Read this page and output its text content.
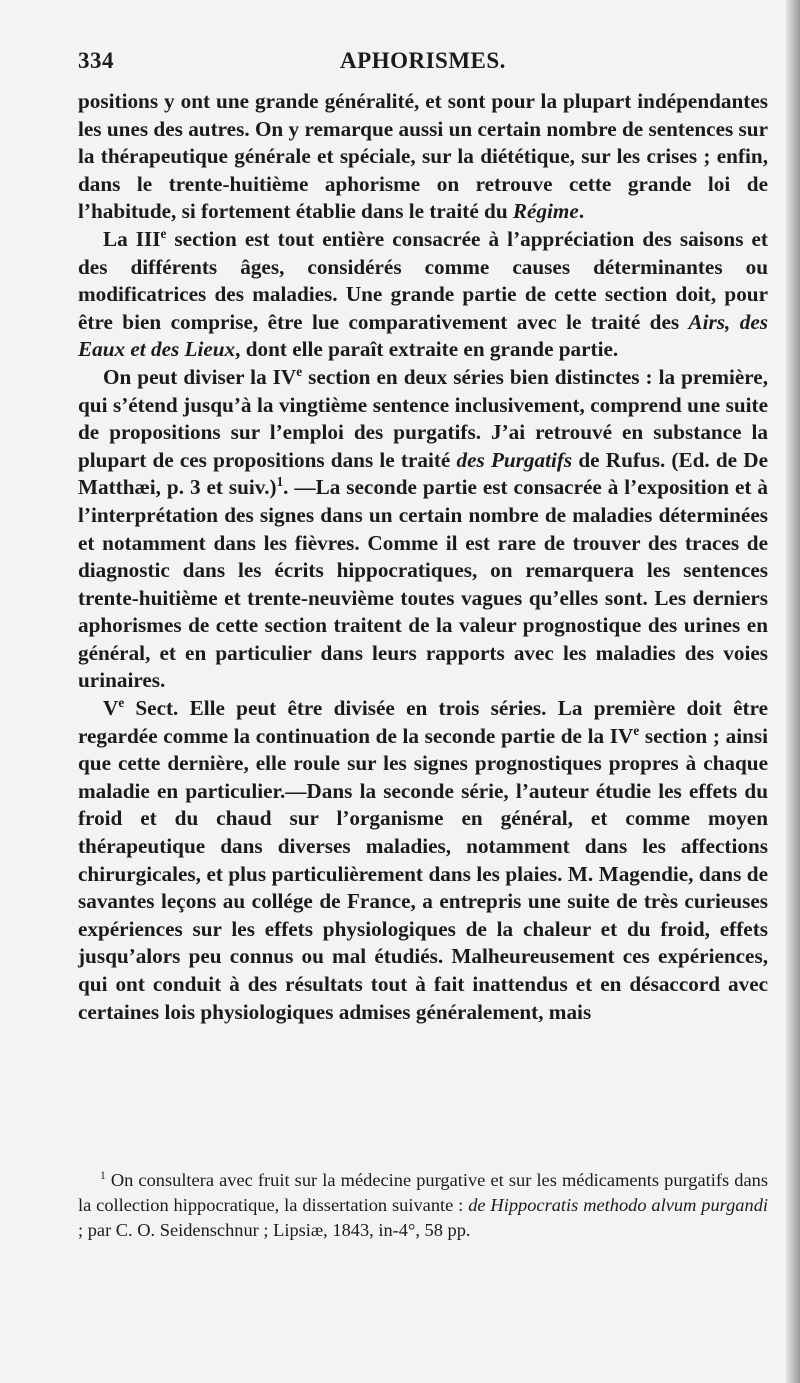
334	APHORISMES.

positions y ont une grande généralité, et sont pour la plupart indépendantes les unes des autres. On y remarque aussi un certain nombre de sentences sur la thérapeutique générale et spéciale, sur la diététique, sur les crises ; enfin, dans le trente-huitième aphorisme on retrouve cette grande loi de l’habitude, si fortement établie dans le traité du Régime.

La IIIe section est tout entière consacrée à l’appréciation des saisons et des différents âges, considérés comme causes déterminantes ou modificatrices des maladies. Une grande partie de cette section doit, pour être bien comprise, être lue comparativement avec le traité des Airs, des Eaux et des Lieux, dont elle paraît extraite en grande partie.

On peut diviser la IVe section en deux séries bien distinctes : la première, qui s’étend jusqu’à la vingtième sentence inclusivement, comprend une suite de propositions sur l’emploi des purgatifs. J’ai retrouvé en substance la plupart de ces propositions dans le traité des Purgatifs de Rufus. (Ed. de De Matthæi, p. 3 et suiv.)$^1$. —La seconde partie est consacrée à l’exposition et à l’interprétation des signes dans un certain nombre de maladies déterminées et notamment dans les fièvres. Comme il est rare de trouver des traces de diagnostic dans les écrits hippocratiques, on remarquera les sentences trente-huitième et trente-neuvième toutes vagues qu’elles sont. Les derniers aphorismes de cette section traitent de la valeur prognostique des urines en général, et en particulier dans leurs rapports avec les maladies des voies urinaires.

Ve Sect. Elle peut être divisée en trois séries. La première doit être regardée comme la continuation de la seconde partie de la IVe section ; ainsi que cette dernière, elle roule sur les signes prognostiques propres à chaque maladie en particulier.—Dans la seconde série, l’auteur étudie les effets du froid et du chaud sur l’organisme en général, et comme moyen thérapeutique dans diverses maladies, notamment dans les affections chirurgicales, et plus particulièrement dans les plaies. M. Magendie, dans de savantes leçons au collége de France, a entrepris une suite de très curieuses expériences sur les effets physiologiques de la chaleur et du froid, effets jusqu’alors peu connus ou mal étudiés. Malheureusement ces expériences, qui ont conduit à des résultats tout à fait inattendus et en désaccord avec certaines lois physiologiques admises généralement, mais

$^1$ On consultera avec fruit sur la médecine purgative et sur les médicaments purgatifs dans la collection hippocratique, la dissertation suivante : de Hippocratis methodo alvum purgandi ; par C. O. Seidenschnur ; Lipsiæ, 1843, in-4°, 58 pp.
